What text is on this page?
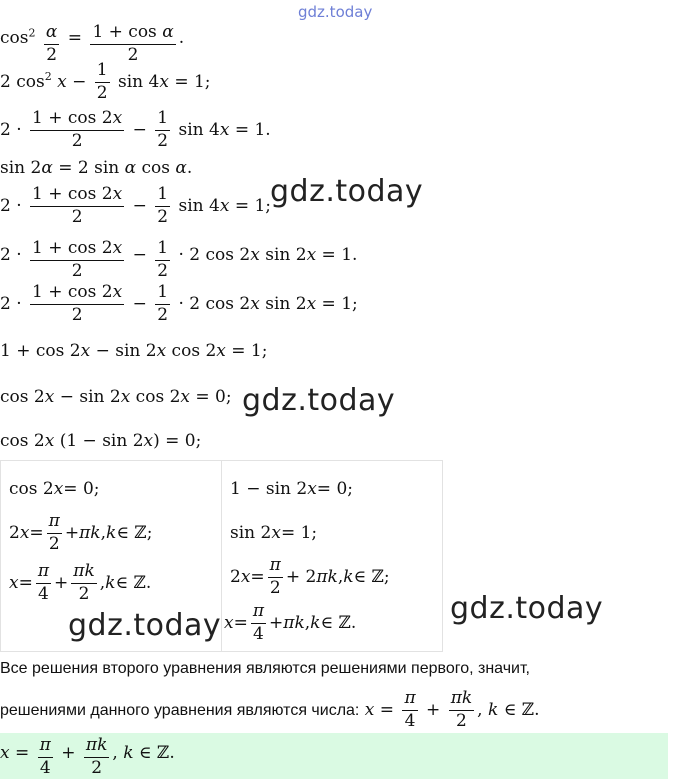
gdz.today
$\cos^2 \frac{\alpha}{2} = \frac{\text{1 + cos α}}{2}$ .
2 $\cos^2 x - \frac{1}{2}$ sin 4x = 1;
$2 \cdot \frac{1 + \cos 2x}{2} - \frac{1}{2}$ sin 4x = 1.
sin 2α = 2 sin α cos α.
$2 \cdot \frac{1 + \cos 2x}{2} - \frac{1}{2}$ sin 4x = 1;
$2 \cdot \frac{1 + \cos 2x}{2} - \frac{1}{2} \cdot 2$ cos 2x sin 2x = 1.
$2 \cdot \frac{1 + \cos 2x}{2} - \frac{1}{2} \cdot 2$ cos 2x sin 2x = 1;
1 + cos 2x − sin 2x cos 2x = 1;
cos 2x − sin 2x cos 2x = 0;
cos 2x (1 − sin 2x) = 0;
cos 2 x = 0;
2 $x = \frac{\pi}{2} + \pi k$ , k ∈ ℤ;
$x = \frac{\pi}{4} + \frac{\pi k}{2}$ , k ∈ ℤ.

1 − sin 2 x = 0;
sin 2 x = 1;
2 $x = \frac{\pi}{2} + 2$ πk , k ∈ ℤ;
$x = \frac{\pi}{4} + \pi k$ , k ∈ ℤ.
Все решения второго уравнения являются решениями первого, значит,
решениями данного уравнения являются числа: $x = \frac{\pi}{4} + \frac{\pi k}{2}$ , k ∈ ℤ.
$x = \frac{\pi}{4} + \frac{\pi k}{2}$ , k ∈ ℤ.
gdz.today
gdz.today
gdz.today
gdz.today
